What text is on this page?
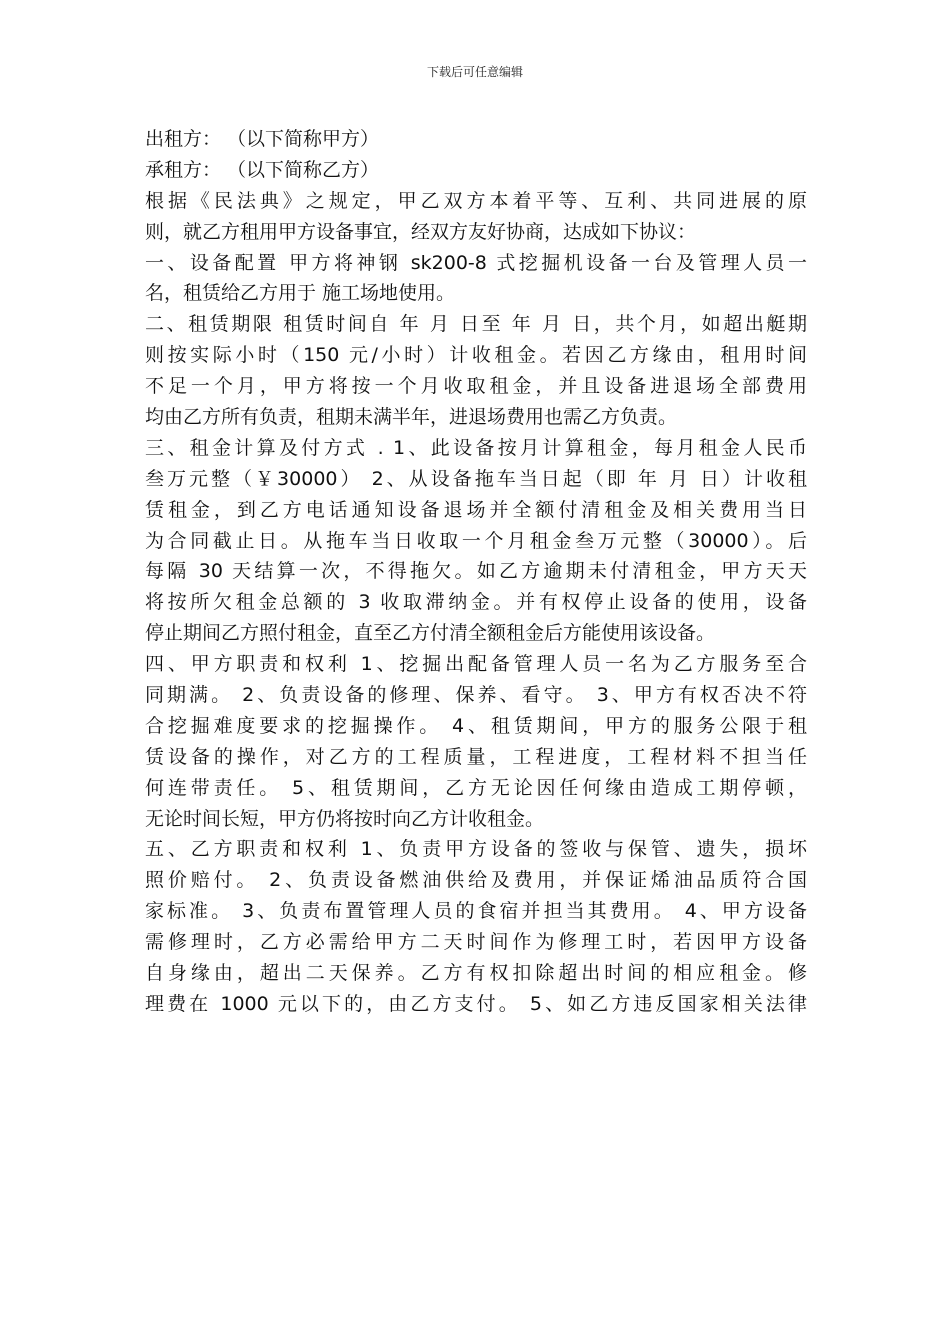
下载后可任意编辑
出租方： （以下简称甲方）
承租方： （以下简称乙方）
根据《民法典》之规定，甲乙双方本着平等、互利、共同进展的原
则，就乙方租用甲方设备事宜，经双方友好协商，达成如下协议：
一、设备配置 甲方将神钢 sk200-8 式挖掘机设备一台及管理人员一
名，租赁给乙方用于 施工场地使用。
二、租赁期限 租赁时间自 年 月 日至 年 月 日，共个月，如超出艇期
则按实际小时（150 元/小时）计收租金。若因乙方缘由，租用时间
不足一个月，甲方将按一个月收取租金，并且设备进退场全部费用
均由乙方所有负责，租期未满半年，进退场费用也需乙方负责。
三、租金计算及付方式 . 1、此设备按月计算租金，每月租金人民币
叁万元整（￥30000） 2、从设备拖车当日起（即 年 月 日）计收租
赁租金，到乙方电话通知设备退场并全额付清租金及相关费用当日
为合同截止日。从拖车当日收取一个月租金叁万元整（30000）。后
每隔 30 天结算一次，不得拖欠。如乙方逾期未付清租金，甲方天天
将按所欠租金总额的 3 收取滞纳金。并有权停止设备的使用，设备
停止期间乙方照付租金，直至乙方付清全额租金后方能使用该设备。
四、甲方职责和权利 1、挖掘出配备管理人员一名为乙方服务至合
同期满。 2、负责设备的修理、保养、看守。 3、甲方有权否决不符
合挖掘难度要求的挖掘操作。 4、租赁期间，甲方的服务公限于租
赁设备的操作，对乙方的工程质量，工程进度，工程材料不担当任
何连带责任。 5、租赁期间，乙方无论因任何缘由造成工期停顿，
无论时间长短，甲方仍将按时向乙方计收租金。
五、乙方职责和权利 1、负责甲方设备的签收与保管、遗失，损坏
照价赔付。 2、负责设备燃油供给及费用，并保证烯油品质符合国
家标准。 3、负责布置管理人员的食宿并担当其费用。 4、甲方设备
需修理时，乙方必需给甲方二天时间作为修理工时，若因甲方设备
自身缘由，超出二天保养。乙方有权扣除超出时间的相应租金。修
理费在 1000 元以下的，由乙方支付。 5、如乙方违反国家相关法律
